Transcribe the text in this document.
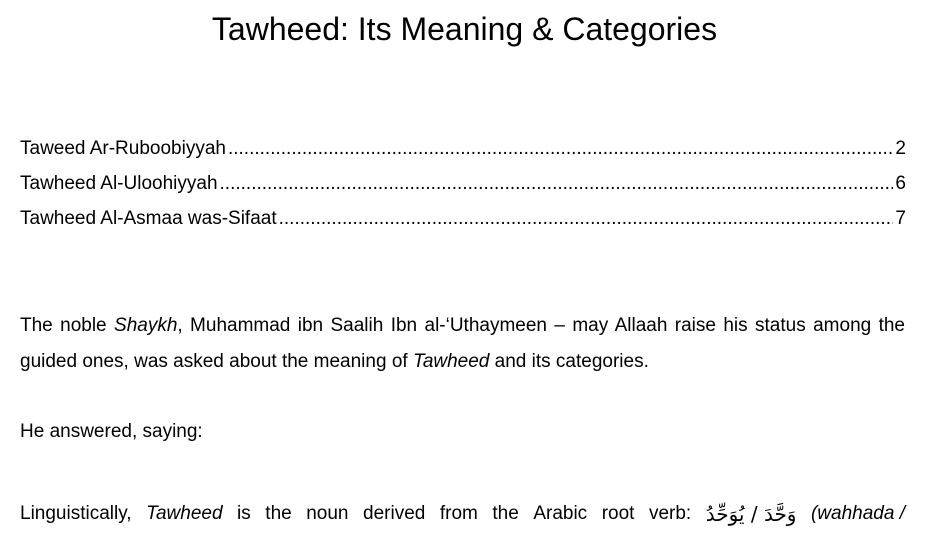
Tawheed: Its Meaning & Categories
Taweed Ar-Ruboobiyyah .....	2
Tawheed Al-Uloohiyyah .....	6
Tawheed Al-Asmaa was-Sifaat .....	7

The noble Shaykh, Muhammad ibn Saalih Ibn al-‘Uthaymeen – may Allaah raise his status among the guided ones, was asked about the meaning of Tawheed and its categories.

He answered, saying:

Linguistically, Tawheed is the noun derived from the Arabic root verb: وَحَّدَ / يُوَحِّدُ (wahhada /
